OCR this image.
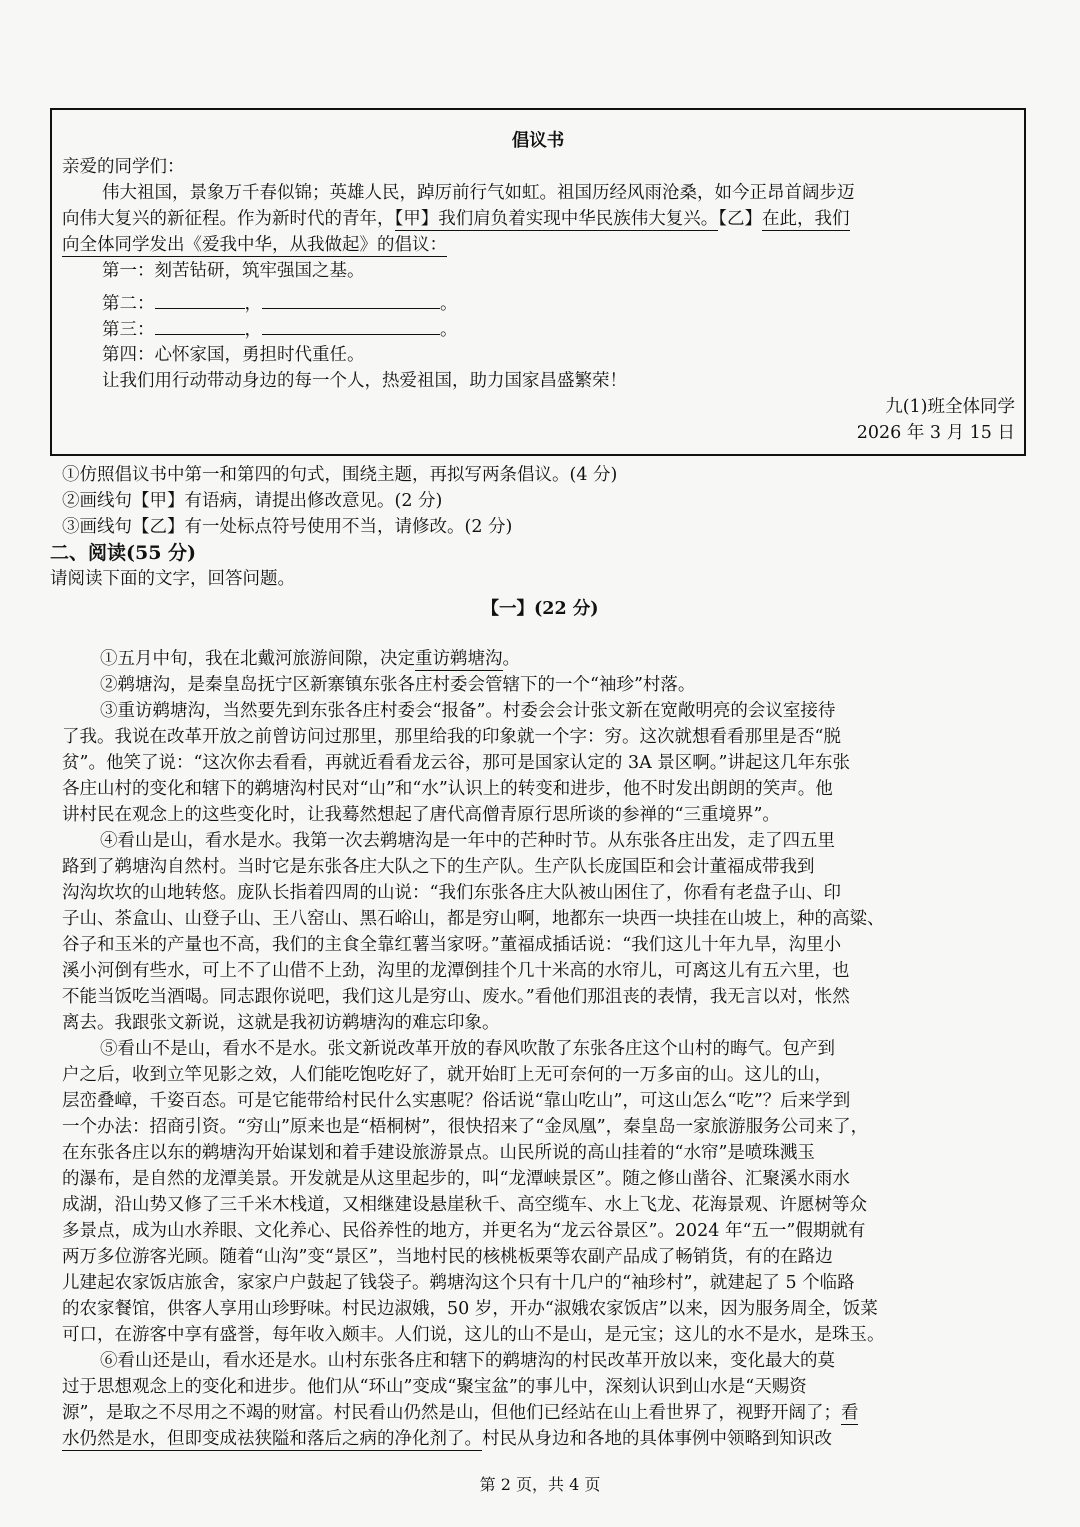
倡议书
亲爱的同学们：
伟大祖国，景象万千春似锦；英雄人民，踔厉前行气如虹。祖国历经风雨沧桑，如今正昂首阔步迈
向伟大复兴的新征程。作为新时代的青年，【甲】我们肩负着实现中华民族伟大复兴。【乙】在此，我们
向全体同学发出《爱我中华，从我做起》的倡议：
第一：刻苦钻研，筑牢强国之基。
第二：	，	。
第三：	，	。
第四：心怀家国，勇担时代重任。
让我们用行动带动身边的每一个人，热爱祖国，助力国家昌盛繁荣！
九(1)班全体同学
2026 年 3 月 15 日
①仿照倡议书中第一和第四的句式，围绕主题，再拟写两条倡议。(4 分)
②画线句【甲】有语病，请提出修改意见。(2 分)
③画线句【乙】有一处标点符号使用不当，请修改。(2 分)
二、阅读(55 分)
请阅读下面的文字，回答问题。
【一】(22 分)
①五月中旬，我在北戴河旅游间隙，决定重访鹈塘沟。
②鹈塘沟，是秦皇岛抚宁区新寨镇东张各庄村委会管辖下的一个“袖珍”村落。
③重访鹈塘沟，当然要先到东张各庄村委会“报备”。村委会会计张文新在宽敞明亮的会议室接待
了我。我说在改革开放之前曾访问过那里，那里给我的印象就一个字：穷。这次就想看看那里是否“脱
贫”。他笑了说：“这次你去看看，再就近看看龙云谷，那可是国家认定的 3A 景区啊。”讲起这几年东张
各庄山村的变化和辖下的鹈塘沟村民对“山”和“水”认识上的转变和进步，他不时发出朗朗的笑声。他
讲村民在观念上的这些变化时，让我蓦然想起了唐代高僧青原行思所谈的参禅的“三重境界”。
④看山是山，看水是水。我第一次去鹈塘沟是一年中的芒种时节。从东张各庄出发，走了四五里
路到了鹈塘沟自然村。当时它是东张各庄大队之下的生产队。生产队长庞国臣和会计董福成带我到
沟沟坎坎的山地转悠。庞队长指着四周的山说：“我们东张各庄大队被山困住了，你看有老盘子山、印
子山、茶盒山、山登子山、王八窑山、黑石峪山，都是穷山啊，地都东一块西一块挂在山坡上，种的高粱、
谷子和玉米的产量也不高，我们的主食全靠红薯当家呀。”董福成插话说：“我们这儿十年九旱，沟里小
溪小河倒有些水，可上不了山借不上劲，沟里的龙潭倒挂个几十米高的水帘儿，可离这儿有五六里，也
不能当饭吃当酒喝。同志跟你说吧，我们这儿是穷山、废水。”看他们那沮丧的表情，我无言以对，怅然
离去。我跟张文新说，这就是我初访鹈塘沟的难忘印象。
⑤看山不是山，看水不是水。张文新说改革开放的春风吹散了东张各庄这个山村的晦气。包产到
户之后，收到立竿见影之效，人们能吃饱吃好了，就开始盯上无可奈何的一万多亩的山。这儿的山，
层峦叠嶂，千姿百态。可是它能带给村民什么实惠呢？俗话说“靠山吃山”，可这山怎么“吃”？后来学到
一个办法：招商引资。“穷山”原来也是“梧桐树”，很快招来了“金凤凰”，秦皇岛一家旅游服务公司来了，
在东张各庄以东的鹈塘沟开始谋划和着手建设旅游景点。山民所说的高山挂着的“水帘”是喷珠溅玉
的瀑布，是自然的龙潭美景。开发就是从这里起步的，叫“龙潭峡景区”。随之修山凿谷、汇聚溪水雨水
成湖，沿山势又修了三千米木栈道，又相继建设悬崖秋千、高空缆车、水上飞龙、花海景观、许愿树等众
多景点，成为山水养眼、文化养心、民俗养性的地方，并更名为“龙云谷景区”。2024 年“五一”假期就有
两万多位游客光顾。随着“山沟”变“景区”，当地村民的核桃板栗等农副产品成了畅销货，有的在路边
儿建起农家饭店旅舍，家家户户鼓起了钱袋子。鹈塘沟这个只有十几户的“袖珍村”，就建起了 5 个临路
的农家餐馆，供客人享用山珍野味。村民边淑娥，50 岁，开办“淑娥农家饭店”以来，因为服务周全，饭菜
可口，在游客中享有盛誉，每年收入颇丰。人们说，这儿的山不是山，是元宝；这儿的水不是水，是珠玉。
⑥看山还是山，看水还是水。山村东张各庄和辖下的鹈塘沟的村民改革开放以来，变化最大的莫
过于思想观念上的变化和进步。他们从“环山”变成“聚宝盆”的事儿中，深刻认识到山水是“天赐资
源”，是取之不尽用之不竭的财富。村民看山仍然是山，但他们已经站在山上看世界了，视野开阔了；看
水仍然是水，但即变成祛狭隘和落后之病的净化剂了。村民从身边和各地的具体事例中领略到知识改
第 2 页，共 4 页
